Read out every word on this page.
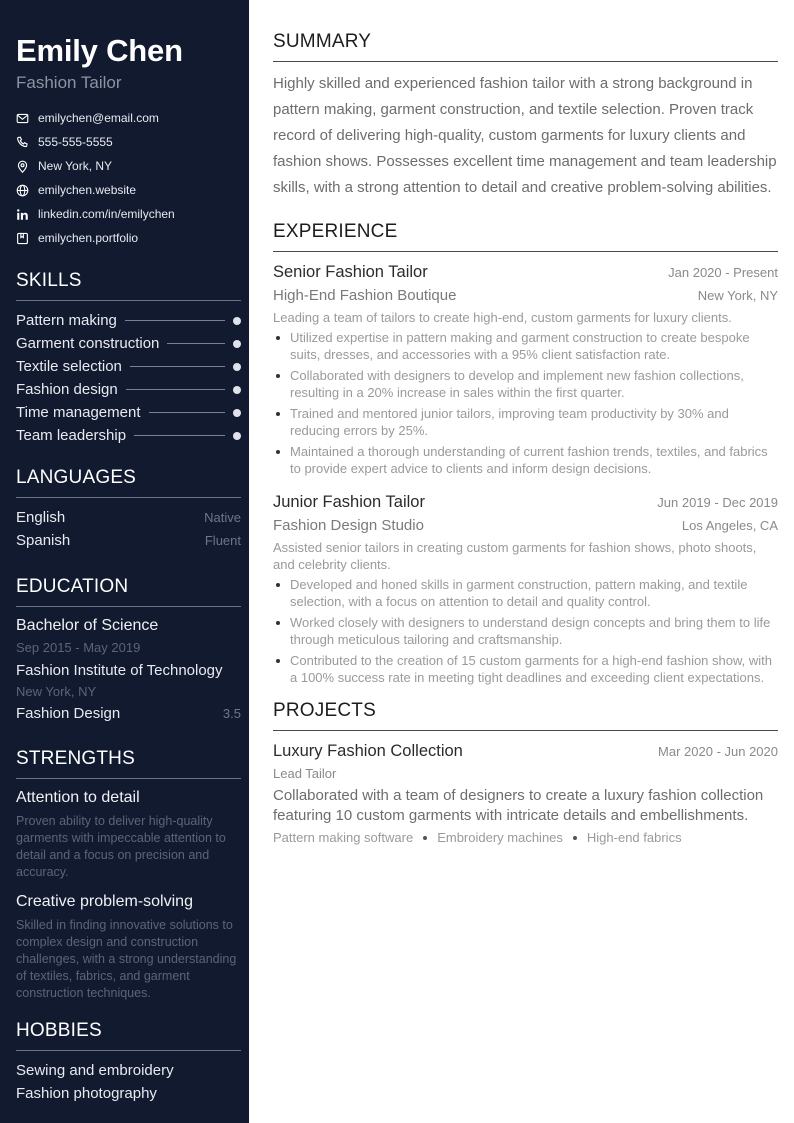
Emily Chen
Fashion Tailor
emilychen@email.com
555-555-5555
New York, NY
emilychen.website
linkedin.com/in/emilychen
emilychen.portfolio
SKILLS
Pattern making
Garment construction
Textile selection
Fashion design
Time management
Team leadership
LANGUAGES
English	Native
Spanish	Fluent
EDUCATION
Bachelor of Science
Sep 2015 - May 2019
Fashion Institute of Technology
New York, NY
Fashion Design	3.5
STRENGTHS
Attention to detail
Proven ability to deliver high-quality garments with impeccable attention to detail and a focus on precision and accuracy.
Creative problem-solving
Skilled in finding innovative solutions to complex design and construction challenges, with a strong understanding of textiles, fabrics, and garment construction techniques.
HOBBIES
Sewing and embroidery
Fashion photography
SUMMARY

Highly skilled and experienced fashion tailor with a strong background in pattern making, garment construction, and textile selection. Proven track record of delivering high-quality, custom garments for luxury clients and fashion shows. Possesses excellent time management and team leadership skills, with a strong attention to detail and creative problem-solving abilities.

EXPERIENCE
Senior Fashion Tailor	Jan 2020 - Present
High-End Fashion Boutique	New York, NY
Leading a team of tailors to create high-end, custom garments for luxury clients.
Utilized expertise in pattern making and garment construction to create bespoke suits, dresses, and accessories with a 95% client satisfaction rate.
Collaborated with designers to develop and implement new fashion collections, resulting in a 20% increase in sales within the first quarter.
Trained and mentored junior tailors, improving team productivity by 30% and reducing errors by 25%.
Maintained a thorough understanding of current fashion trends, textiles, and fabrics to provide expert advice to clients and inform design decisions.
Junior Fashion Tailor	Jun 2019 - Dec 2019
Fashion Design Studio	Los Angeles, CA
Assisted senior tailors in creating custom garments for fashion shows, photo shoots, and celebrity clients.
Developed and honed skills in garment construction, pattern making, and textile selection, with a focus on attention to detail and quality control.
Worked closely with designers to understand design concepts and bring them to life through meticulous tailoring and craftsmanship.
Contributed to the creation of 15 custom garments for a high-end fashion show, with a 100% success rate in meeting tight deadlines and exceeding client expectations.
PROJECTS
Luxury Fashion Collection	Mar 2020 - Jun 2020
Lead Tailor
Collaborated with a team of designers to create a luxury fashion collection featuring 10 custom garments with intricate details and embellishments.
Pattern making software Embroidery machines High-end fabrics
